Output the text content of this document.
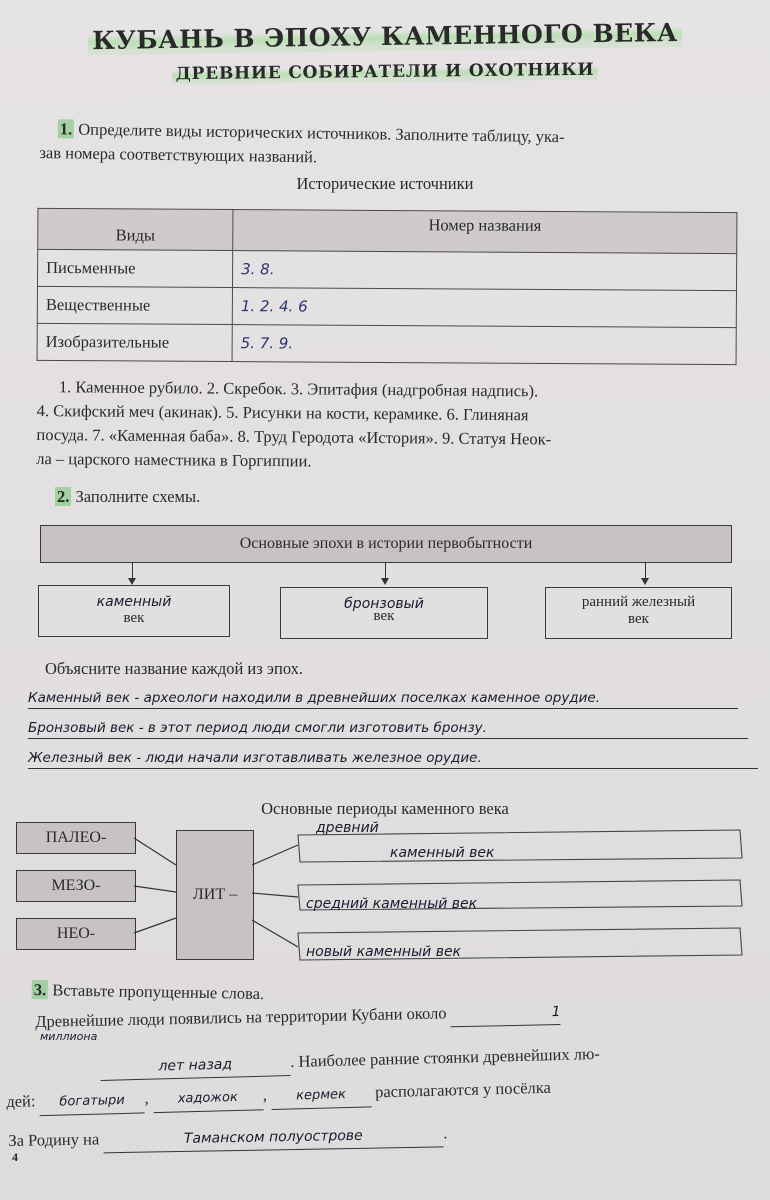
КУБАНЬ В ЭПОХУ КАМЕННОГО ВЕКА
ДРЕВНИЕ СОБИРАТЕЛИ И ОХОТНИКИ
1. Определите виды исторических источников. Заполните таблицу, ука-
зав номера соответствующих названий.
Исторические источники
Виды	Номер названия
Письменные	3. 8.
Вещественные	1. 2. 4. 6
Изобразительные	5. 7. 9.
1. Каменное рубило. 2. Скребок. 3. Эпитафия (надгробная надпись).
4. Скифский меч (акинак). 5. Рисунки на кости, керамике. 6. Глиняная
посуда. 7. «Каменная баба». 8. Труд Геродота «История». 9. Статуя Неок-
ла – царского наместника в Горгиппии.
2. Заполните схемы.
Основные эпохи в истории первобытности
каменный
век
бронзовый
век
ранний железный
век
Объясните название каждой из эпох.
Каменный век - археологи находили в древнейших поселках каменное орудие.
Бронзовый век - в этот период люди смогли изготовить бронзу.
Железный век - люди начали изготавливать железное орудие.
Основные периоды каменного века
ПАЛЕО-
МЕЗО-
НЕО-
ЛИТ –
древний
каменный век
средний каменный век
новый каменный век
3. Вставьте пропущенные слова.
Древнейшие люди появились на территории Кубани около	1
миллиона
лет назад	. Наиболее ранние стоянки древнейших лю-
дей: богатыри , хадожок , кермек располагаются у посёлка
За Родину на	Таманском полуострове	.
4
